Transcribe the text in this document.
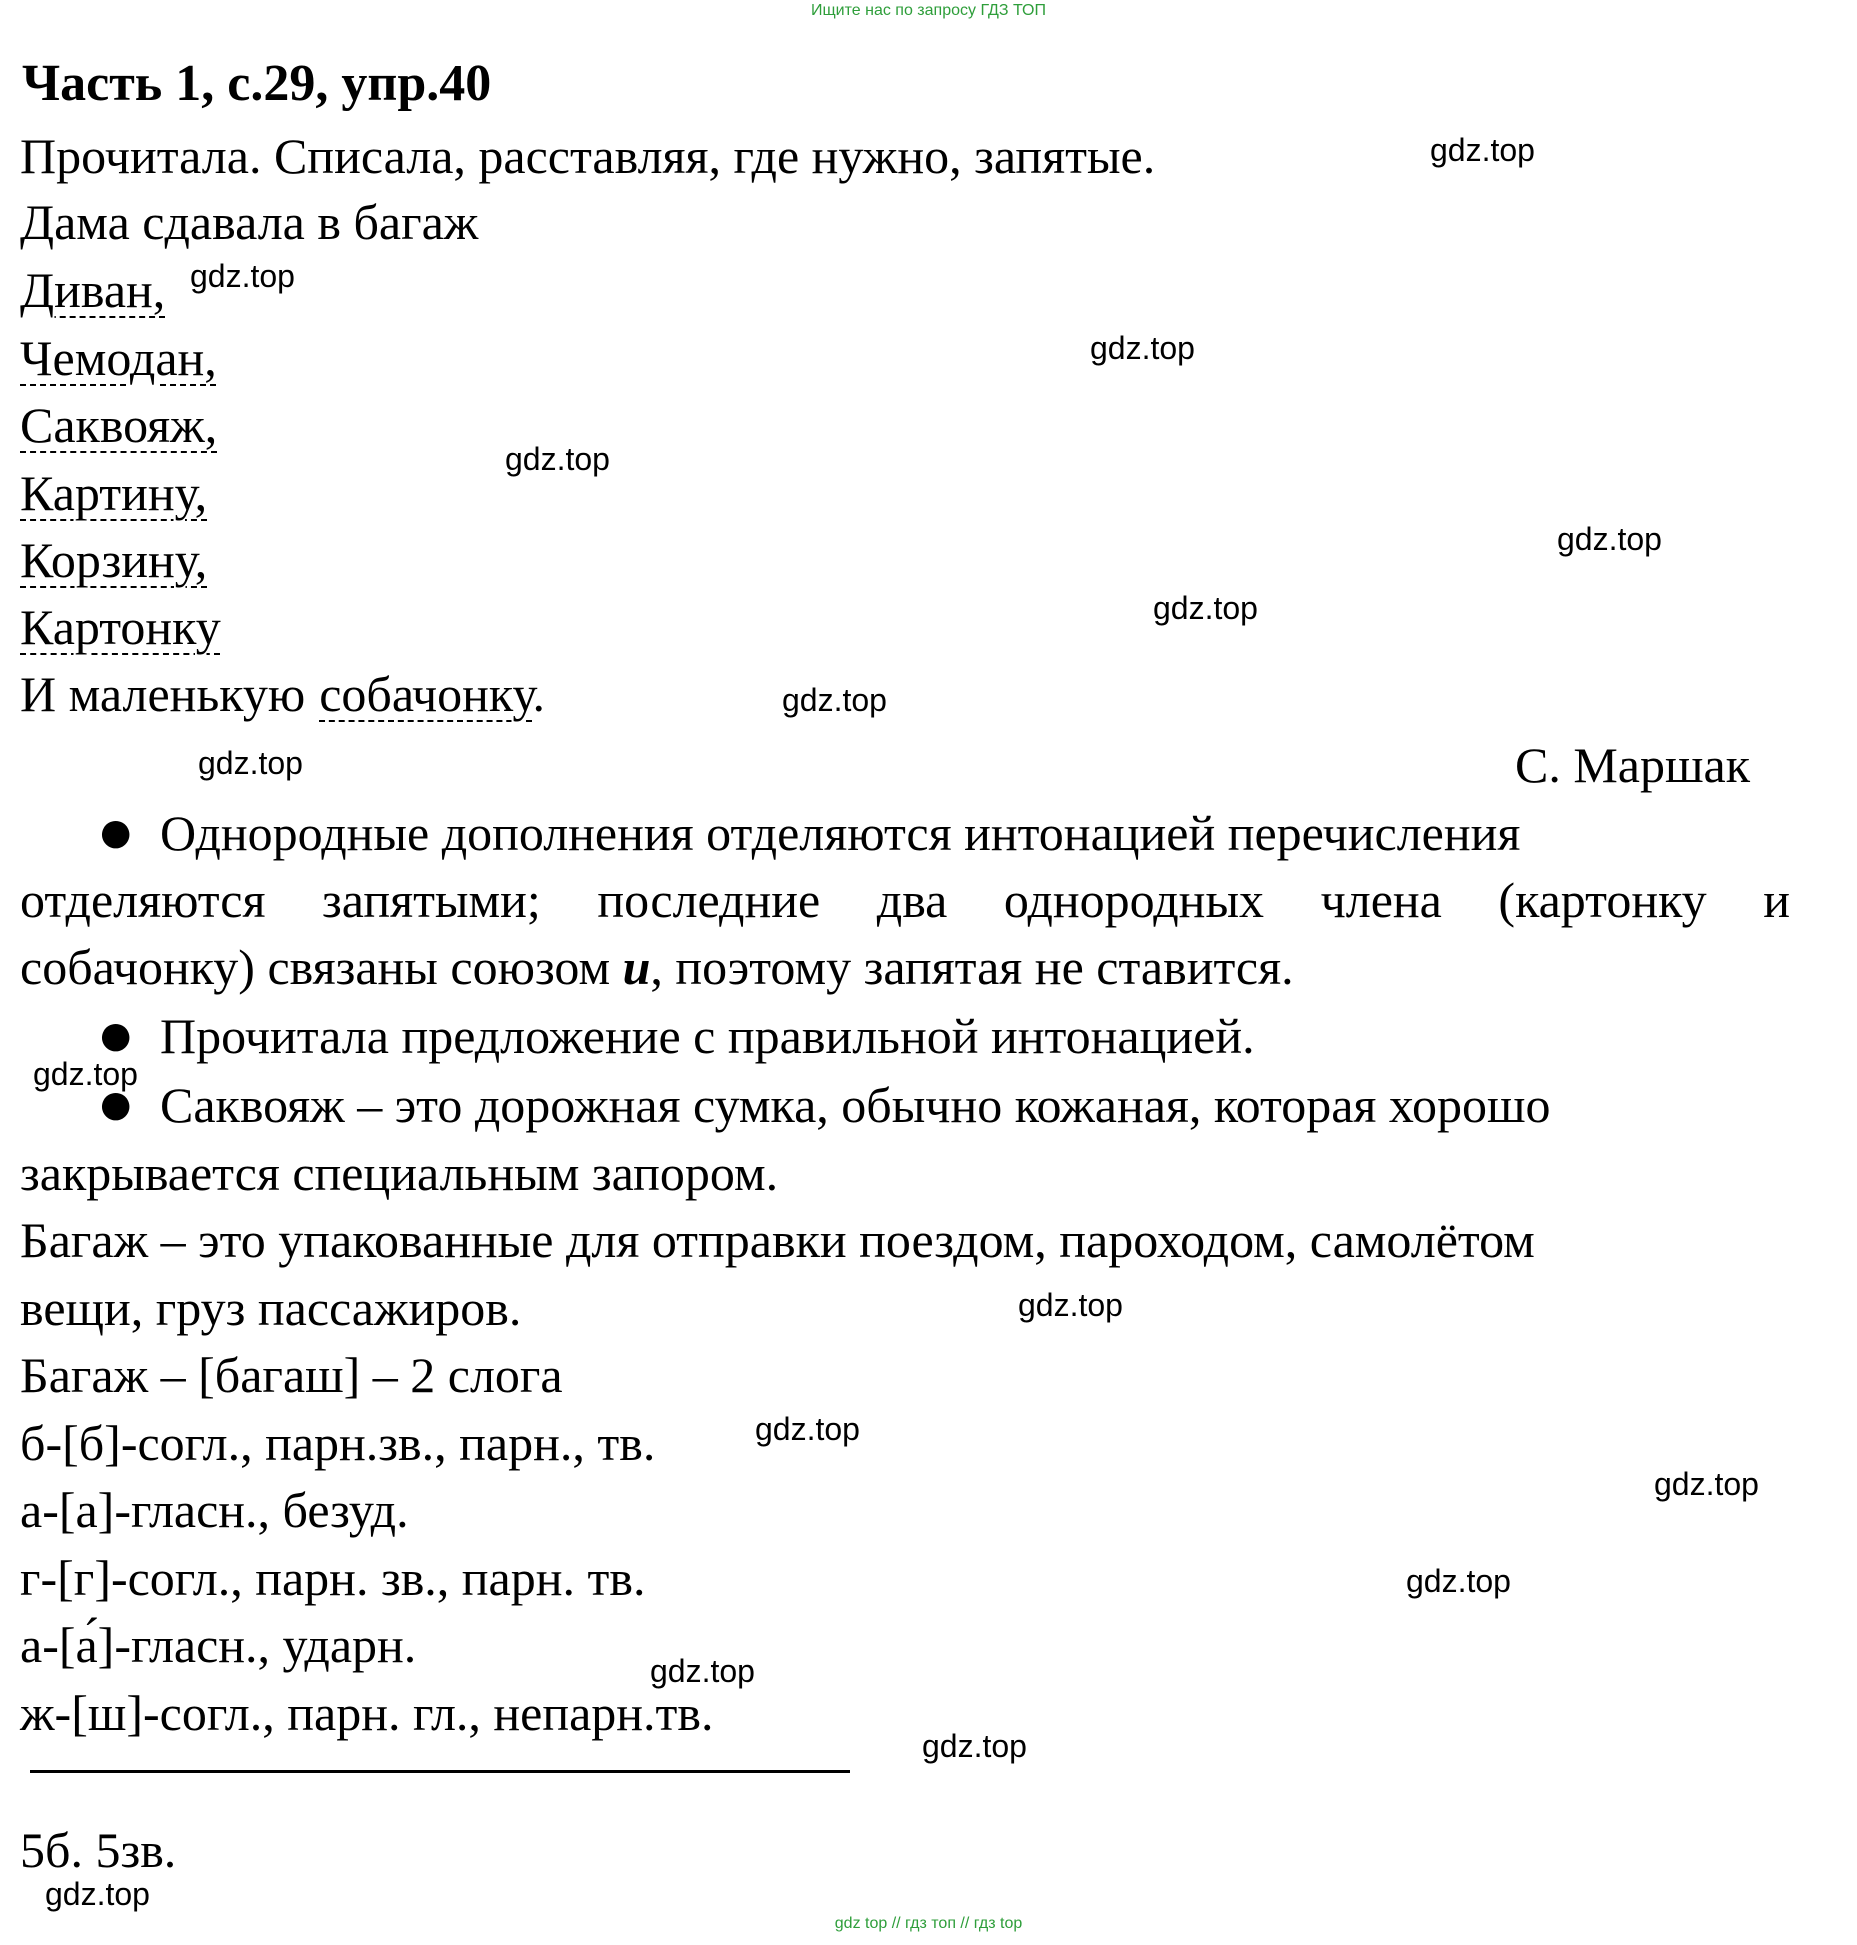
Ищите нас по запросу ГДЗ ТОП
Часть 1, с.29, упр.40
Прочитала. Списала, расставляя, где нужно, запятые.
Дама сдавала в багаж
Диван,
Чемодан,
Саквояж,
Картину,
Корзину,
Картонку
И маленькую собачонку.
С. Маршак
● Однородные дополнения отделяются интонацией перечисления
отделяются запятыми; последние два однородных члена (картонку и
собачонку) связаны союзом и, поэтому запятая не ставится.
● Прочитала предложение с правильной интонацией.
● Саквояж – это дорожная сумка, обычно кожаная, которая хорошо
закрывается специальным запором.
Багаж – это упакованные для отправки поездом, пароходом, самолётом
вещи, груз пассажиров.
Багаж – [багаш] – 2 слога
б-[б]-согл., парн.зв., парн., тв.
а-[а]-гласн., безуд.
г-[г]-согл., парн. зв., парн. тв.
а-[а́]-гласн., ударн.
ж-[ш]-согл., парн. гл., непарн.тв.
5б. 5зв.
gdz.top
gdz.top
gdz.top
gdz.top
gdz.top
gdz.top
gdz.top
gdz.top
gdz.top
gdz.top
gdz.top
gdz.top
gdz.top
gdz.top
gdz.top
gdz.top
gdz top // гдз топ // гдз top
